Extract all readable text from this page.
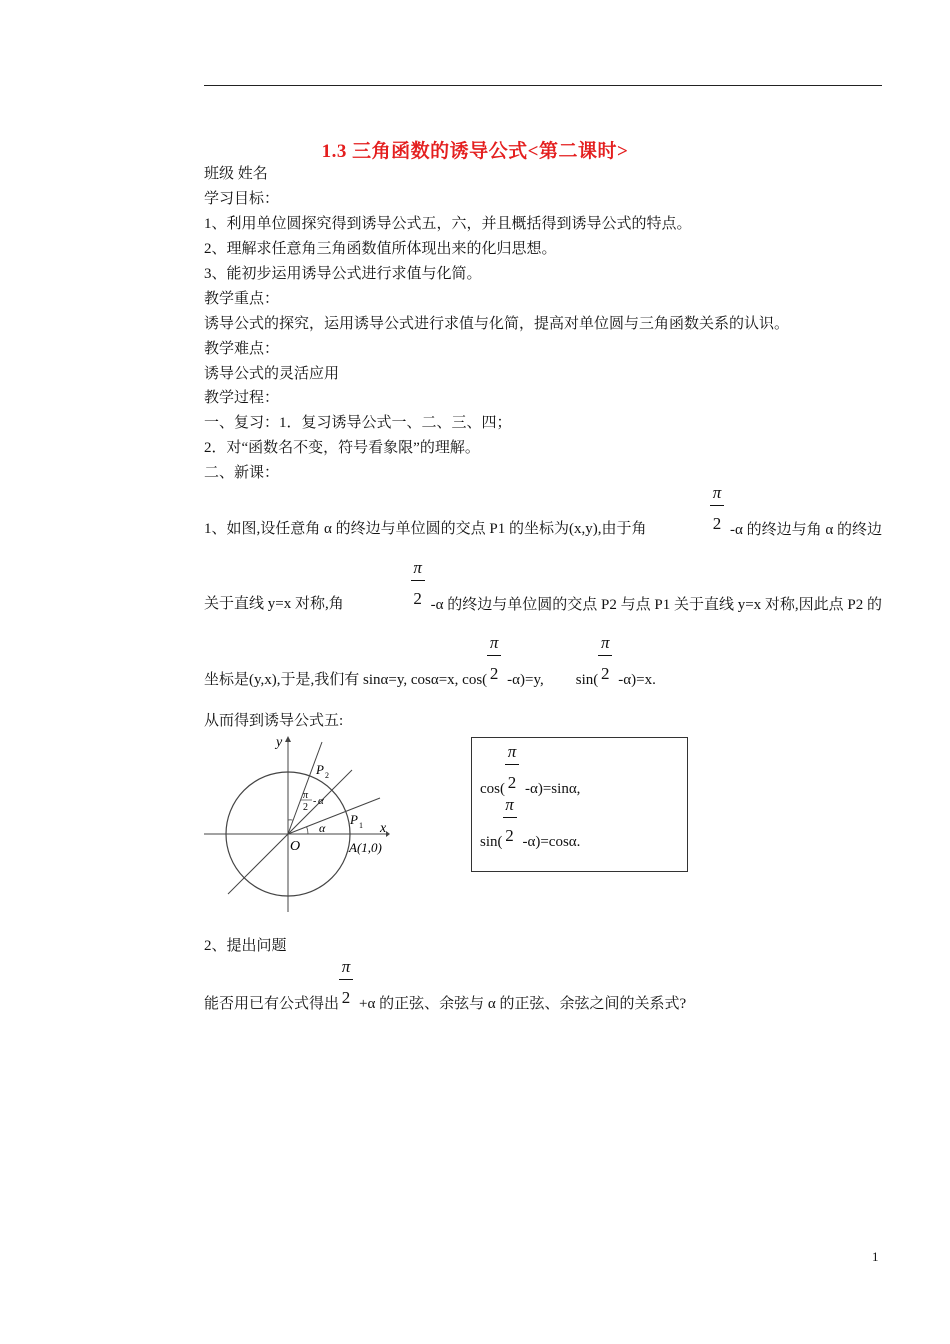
1.3 三角函数的诱导公式<第二课时>
班级 姓名
学习目标：
1、利用单位圆探究得到诱导公式五，六，并且概括得到诱导公式的特点。
2、理解求任意角三角函数值所体现出来的化归思想。
3、能初步运用诱导公式进行求值与化简。
教学重点：
诱导公式的探究，运用诱导公式进行求值与化简，提高对单位圆与三角函数关系的认识。
教学难点：
诱导公式的灵活应用
教学过程：
一、复习：1．复习诱导公式一、二、三、四；
2．对“函数名不变，符号看象限”的理解。
二、新课：
1、如图,设任意角 α 的终边与单位圆的交点 P1 的坐标为(x,y),由于角	$\frac{\pi}{2} -\alpha$ 的终边与角 α 的终边
关于直线 y=x 对称,角	$\frac{\pi}{2} -\alpha$ 的终边与单位圆的交点 P2 与点 P1 关于直线 y=x 对称,因此点 P2 的
坐标是(y,x),于是,我们有 sinα=y, cosα=x, $\cos( \frac{\pi}{2} -\alpha)=y$, $\sin( \frac{\pi}{2} -\alpha)=x$.
从而得到诱导公式五:
y
x
O
P 1
P 2
α
π
2
- α
A(1,0)
$\cos( \frac{\pi}{2} -\alpha)=\sin\alpha$,
$\sin( \frac{\pi}{2} -\alpha)=\cos\alpha$.
2、提出问题
能否用已有公式得出 $\frac{\pi}{2} +\alpha$ 的正弦、余弦与 α 的正弦、余弦之间的关系式?
1
